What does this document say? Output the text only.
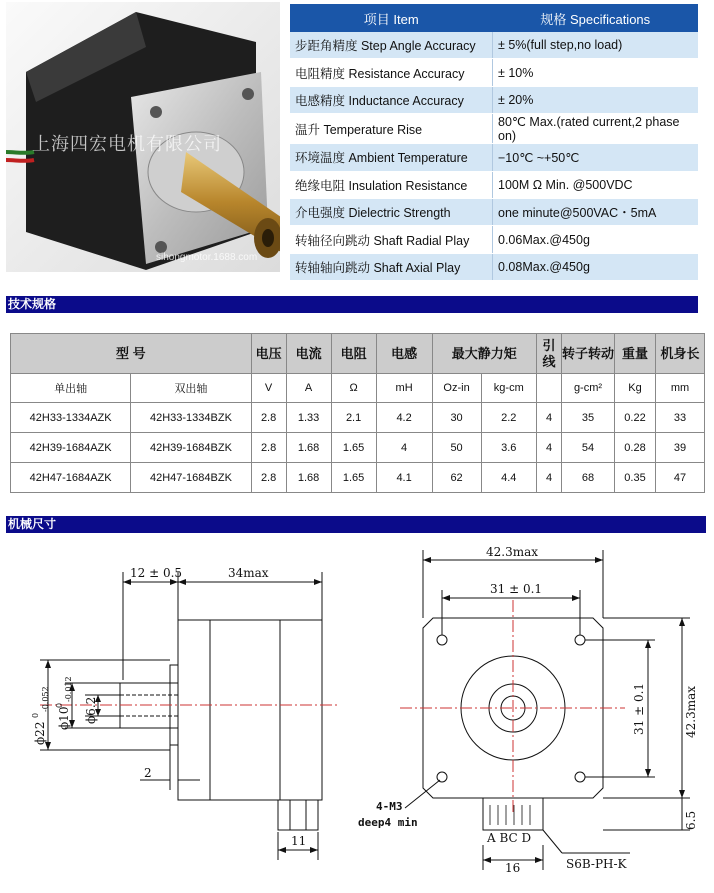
上海四宏电机有限公司
sihongmotor.1688.com
项目 Item	规格 Specifications
步距角精度 Step Angle Accuracy	± 5%(full step,no load)
电阻精度 Resistance Accuracy	± 10%
电感精度 Inductance Accuracy	± 20%
温升 Temperature Rise	80℃ Max.(rated current,2 phase on)
环境温度 Ambient Temperature	−10℃ ~+50℃
绝缘电阻 Insulation Resistance	100M Ω Min. @500VDC
介电强度 Dielectric Strength	one minute@500VAC・5mA
转轴径向跳动 Shaft Radial Play	0.06Max.@450g
转轴轴向跳动 Shaft Axial Play	0.08Max.@450g
技术规格
型 号		电压	电流	电阻	电感	最大静力矩		引线	转子转动	重量	机身长
单出轴	双出轴	V	A	Ω	mH	Oz-in	kg-cm		g-cm²	Kg	mm
42H33-1334AZK	42H33-1334BZK	2.8	1.33	2.1	4.2	30	2.2	4	35	0.22	33
42H39-1684AZK	42H39-1684BZK	2.8	1.68	1.65	4	50	3.6	4	54	0.28	39
42H47-1684AZK	42H47-1684BZK	2.8	1.68	1.65	4.1	62	4.4	4	68	0.35	47
机械尺寸
12 ± 0.5	34max
ϕ22
0
-0.052
ϕ10
0
-0.012
ϕ6.2
2
11
42.3max
31 ± 0.1
31 ± 0.1	42.3max
6.5
4-M3
deep4 min
A BC D
16	S6B-PH-K
